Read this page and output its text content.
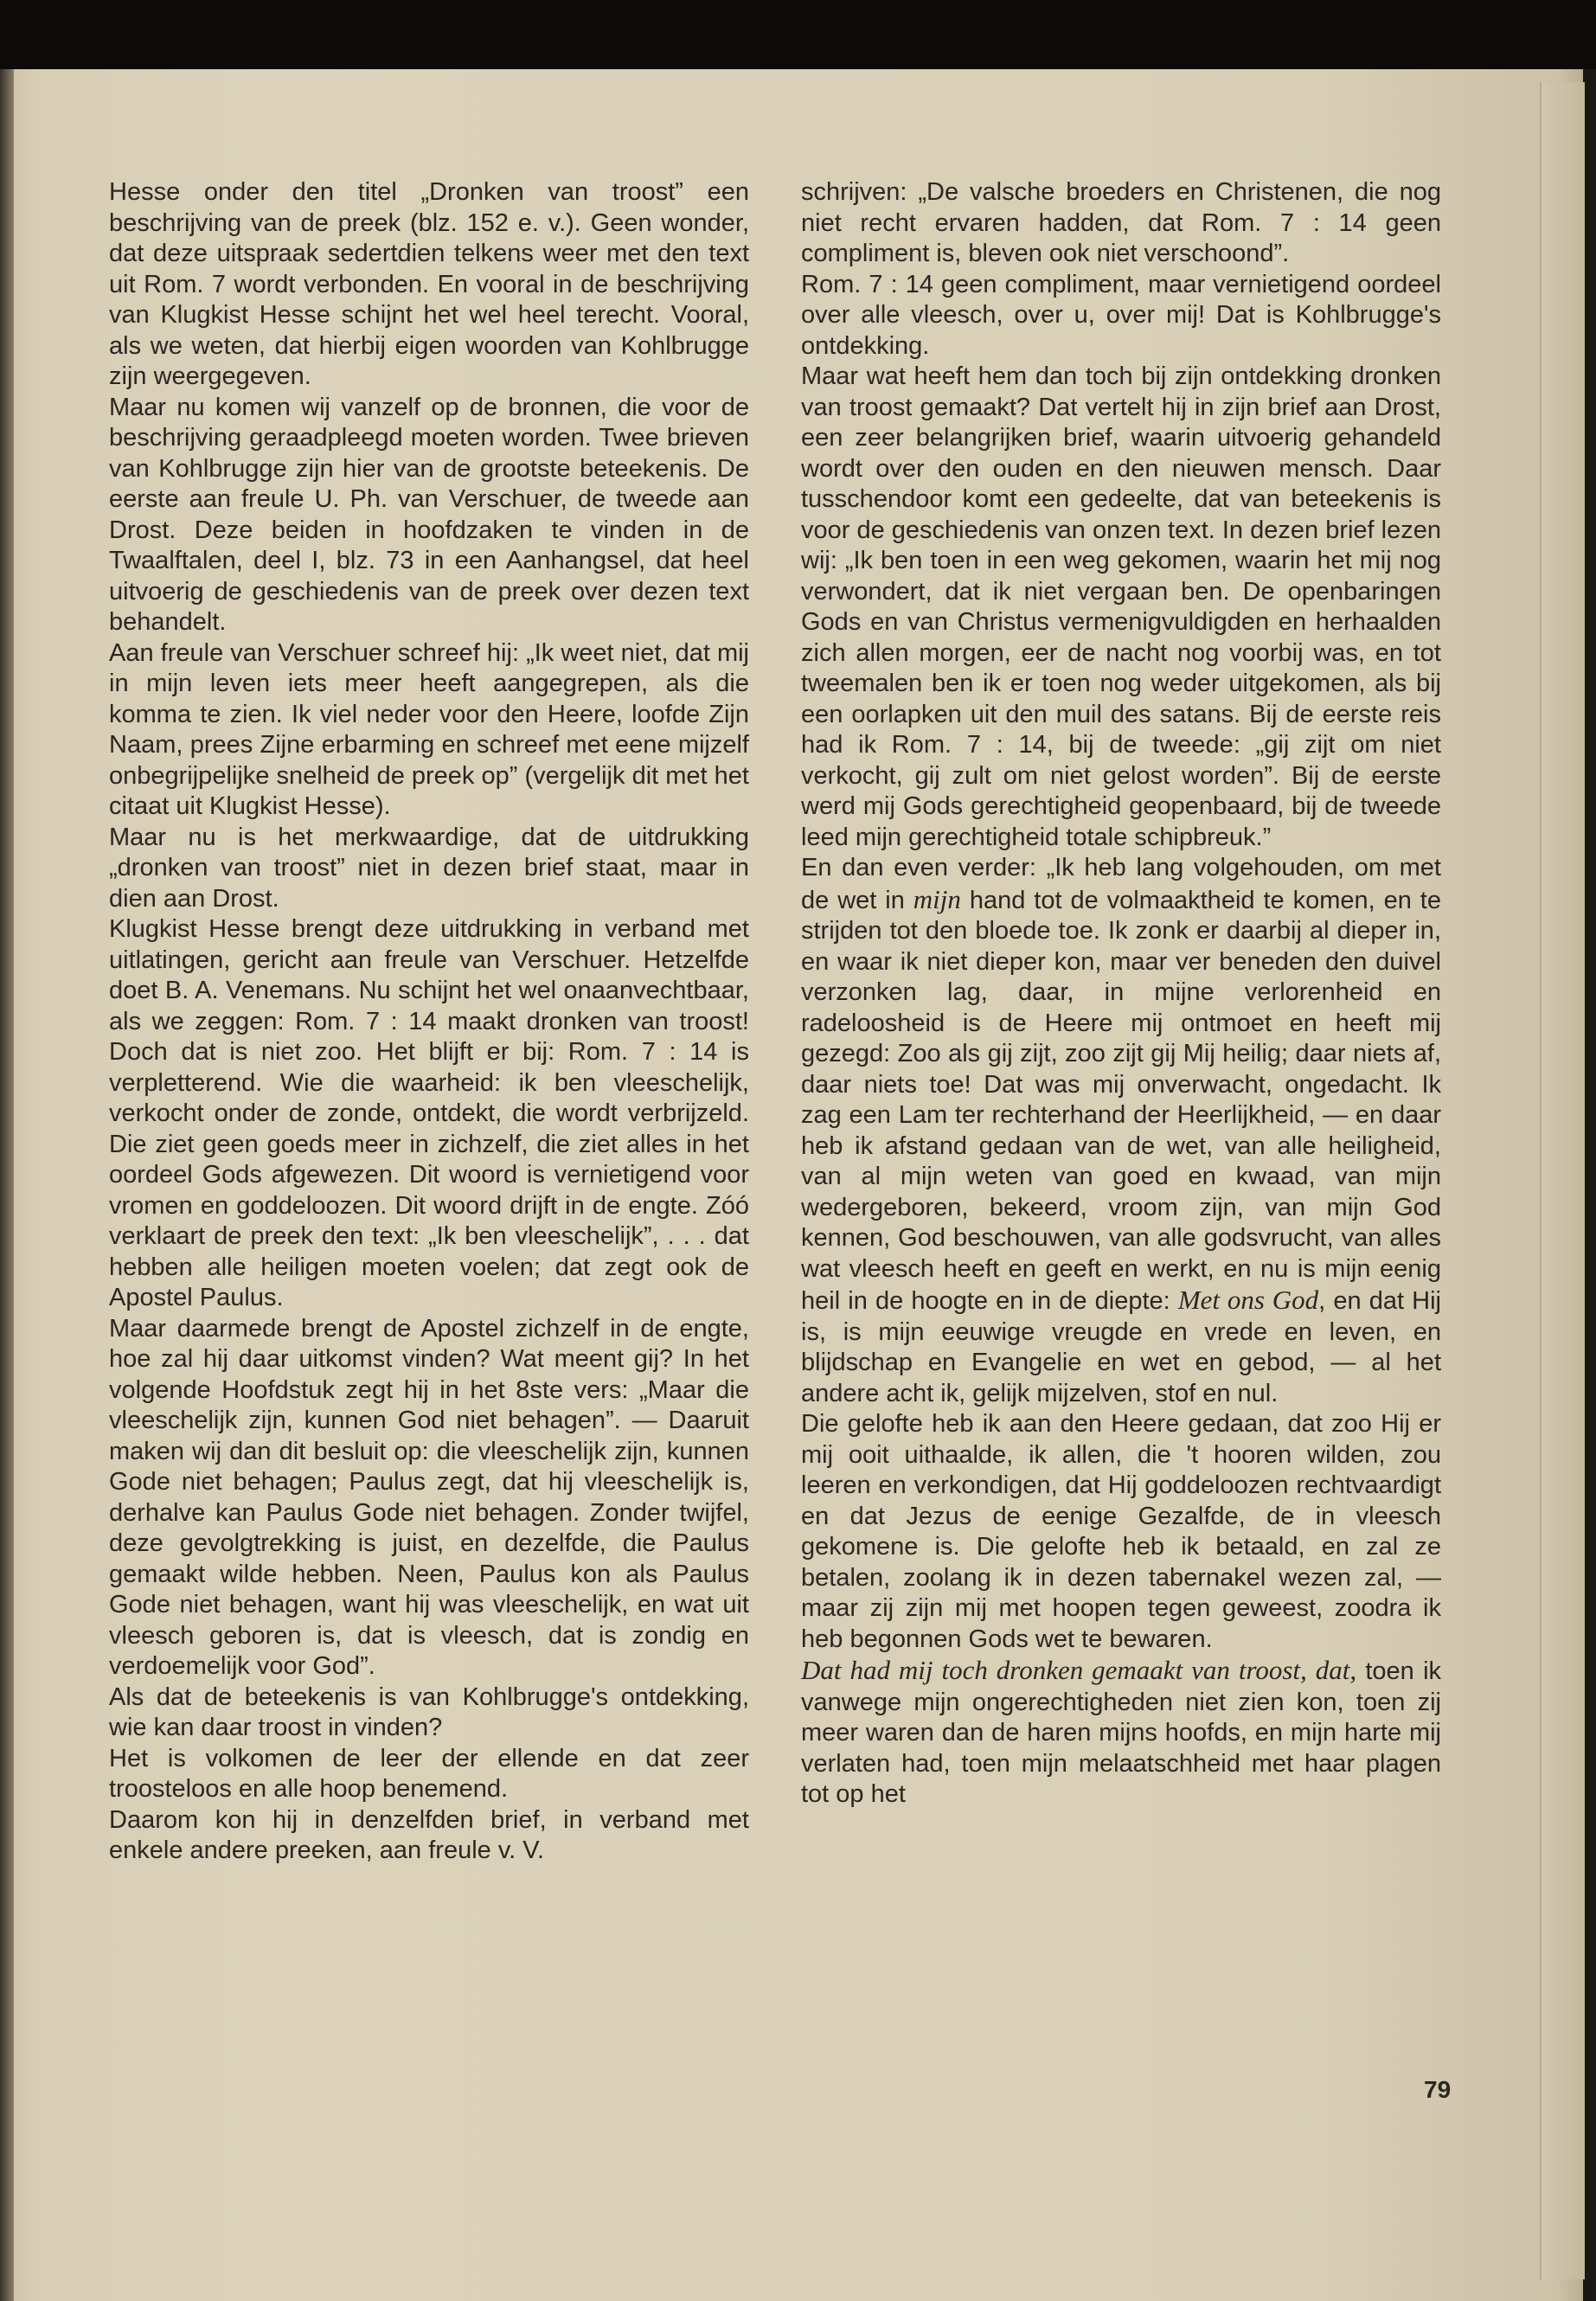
Hesse onder den titel „Dronken van troost” een beschrijving van de preek (blz. 152 e. v.). Geen wonder, dat deze uitspraak sedertdien telkens weer met den text uit Rom. 7 wordt verbonden. En vooral in de beschrijving van Klugkist Hesse schijnt het wel heel terecht. Vooral, als we weten, dat hierbij eigen woorden van Kohlbrugge zijn weergegeven.

Maar nu komen wij vanzelf op de bronnen, die voor de beschrijving geraadpleegd moeten worden. Twee brieven van Kohlbrugge zijn hier van de grootste beteekenis. De eerste aan freule U. Ph. van Verschuer, de tweede aan Drost. Deze beiden in hoofdzaken te vinden in de Twaalftalen, deel I, blz. 73 in een Aanhangsel, dat heel uitvoerig de geschiedenis van de preek over dezen text behandelt.

Aan freule van Verschuer schreef hij: „Ik weet niet, dat mij in mijn leven iets meer heeft aangegrepen, als die komma te zien. Ik viel neder voor den Heere, loofde Zijn Naam, prees Zijne erbarming en schreef met eene mijzelf onbegrijpelijke snelheid de preek op” (vergelijk dit met het citaat uit Klugkist Hesse).

Maar nu is het merkwaardige, dat de uitdrukking „dronken van troost” niet in dezen brief staat, maar in dien aan Drost.

Klugkist Hesse brengt deze uitdrukking in verband met uitlatingen, gericht aan freule van Verschuer. Hetzelfde doet B. A. Venemans. Nu schijnt het wel onaanvechtbaar, als we zeggen: Rom. 7 : 14 maakt dronken van troost! Doch dat is niet zoo. Het blijft er bij: Rom. 7 : 14 is verpletterend. Wie die waarheid: ik ben vleeschelijk, verkocht onder de zonde, ontdekt, die wordt verbrijzeld. Die ziet geen goeds meer in zichzelf, die ziet alles in het oordeel Gods afgewezen. Dit woord is vernietigend voor vromen en goddeloozen. Dit woord drijft in de engte. Zóó verklaart de preek den text: „Ik ben vleeschelijk”, . . . dat hebben alle heiligen moeten voelen; dat zegt ook de Apostel Paulus.

Maar daarmede brengt de Apostel zichzelf in de engte, hoe zal hij daar uitkomst vinden? Wat meent gij? In het volgende Hoofdstuk zegt hij in het 8ste vers: „Maar die vleeschelijk zijn, kunnen God niet behagen”. — Daaruit maken wij dan dit besluit op: die vleeschelijk zijn, kunnen Gode niet behagen; Paulus zegt, dat hij vleeschelijk is, derhalve kan Paulus Gode niet behagen. Zonder twijfel, deze gevolgtrekking is juist, en dezelfde, die Paulus gemaakt wilde hebben. Neen, Paulus kon als Paulus Gode niet behagen, want hij was vleeschelijk, en wat uit vleesch geboren is, dat is vleesch, dat is zondig en verdoemelijk voor God”.

Als dat de beteekenis is van Kohlbrugge's ontdekking, wie kan daar troost in vinden?

Het is volkomen de leer der ellende en dat zeer troosteloos en alle hoop benemend.

Daarom kon hij in denzelfden brief, in verband met enkele andere preeken, aan freule v. V.

schrijven: „De valsche broeders en Christenen, die nog niet recht ervaren hadden, dat Rom. 7 : 14 geen compliment is, bleven ook niet verschoond”.

Rom. 7 : 14 geen compliment, maar vernietigend oordeel over alle vleesch, over u, over mij! Dat is Kohlbrugge's ontdekking.

Maar wat heeft hem dan toch bij zijn ontdekking dronken van troost gemaakt? Dat vertelt hij in zijn brief aan Drost, een zeer belangrijken brief, waarin uitvoerig gehandeld wordt over den ouden en den nieuwen mensch. Daar tusschendoor komt een gedeelte, dat van beteekenis is voor de geschiedenis van onzen text. In dezen brief lezen wij: „Ik ben toen in een weg gekomen, waarin het mij nog verwondert, dat ik niet vergaan ben. De openbaringen Gods en van Christus vermenigvuldigden en herhaalden zich allen morgen, eer de nacht nog voorbij was, en tot tweemalen ben ik er toen nog weder uitgekomen, als bij een oorlapken uit den muil des satans. Bij de eerste reis had ik Rom. 7 : 14, bij de tweede: „gij zijt om niet verkocht, gij zult om niet gelost worden”. Bij de eerste werd mij Gods gerechtigheid geopenbaard, bij de tweede leed mijn gerechtigheid totale schipbreuk.”

En dan even verder: „Ik heb lang volgehouden, om met de wet in mijn hand tot de volmaaktheid te komen, en te strijden tot den bloede toe. Ik zonk er daarbij al dieper in, en waar ik niet dieper kon, maar ver beneden den duivel verzonken lag, daar, in mijne verlorenheid en radeloosheid is de Heere mij ontmoet en heeft mij gezegd: Zoo als gij zijt, zoo zijt gij Mij heilig; daar niets af, daar niets toe! Dat was mij onverwacht, ongedacht. Ik zag een Lam ter rechterhand der Heerlijkheid, — en daar heb ik afstand gedaan van de wet, van alle heiligheid, van al mijn weten van goed en kwaad, van mijn wedergeboren, bekeerd, vroom zijn, van mijn God kennen, God beschouwen, van alle godsvrucht, van alles wat vleesch heeft en geeft en werkt, en nu is mijn eenig heil in de hoogte en in de diepte: Met ons God, en dat Hij is, is mijn eeuwige vreugde en vrede en leven, en blijdschap en Evangelie en wet en gebod, — al het andere acht ik, gelijk mijzelven, stof en nul.

Die gelofte heb ik aan den Heere gedaan, dat zoo Hij er mij ooit uithaalde, ik allen, die 't hooren wilden, zou leeren en verkondigen, dat Hij goddeloozen rechtvaardigt en dat Jezus de eenige Gezalfde, de in vleesch gekomene is. Die gelofte heb ik betaald, en zal ze betalen, zoolang ik in dezen tabernakel wezen zal, — maar zij zijn mij met hoopen tegen geweest, zoodra ik heb begonnen Gods wet te bewaren.

Dat had mij toch dronken gemaakt van troost, dat, toen ik vanwege mijn ongerechtigheden niet zien kon, toen zij meer waren dan de haren mijns hoofds, en mijn harte mij verlaten had, toen mijn melaatschheid met haar plagen tot op het

79
